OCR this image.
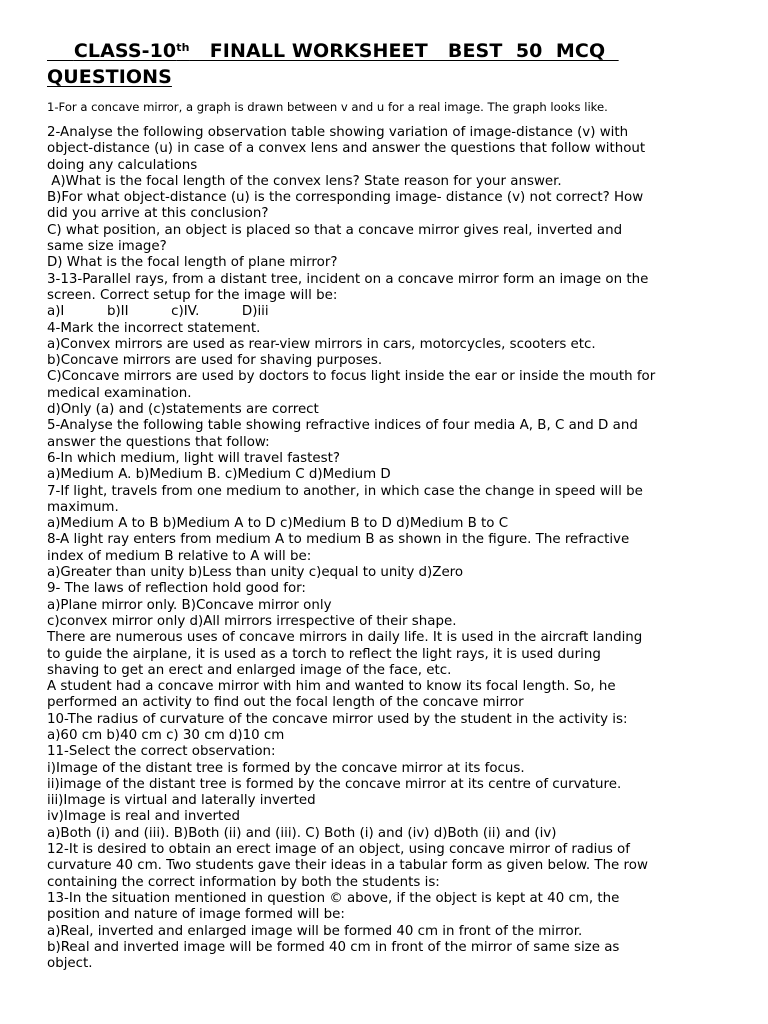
CLASS-10th   FINALL WORKSHEET   BEST  50  MCQ
QUESTIONS

1-For a concave mirror, a graph is drawn between v and u for a real image. The graph looks like.

2-Analyse the following observation table showing variation of image-distance (v) with
object-distance (u) in case of a convex lens and answer the questions that follow without
doing any calculations
A)What is the focal length of the convex lens? State reason for your answer.
B)For what object-distance (u) is the corresponding image- distance (v) not correct? How
did you arrive at this conclusion?
C) what position, an object is placed so that a concave mirror gives real, inverted and
same size image?
D) What is the focal length of plane mirror?
3-13-Parallel rays, from a distant tree, incident on a concave mirror form an image on the
screen. Correct setup for the image will be:
a)I          b)II          c)IV.          D)iii
4-Mark the incorrect statement.
a)Convex mirrors are used as rear-view mirrors in cars, motorcycles, scooters etc.
b)Concave mirrors are used for shaving purposes.
C)Concave mirrors are used by doctors to focus light inside the ear or inside the mouth for
medical examination.
d)Only (a) and (c)statements are correct
5-Analyse the following table showing refractive indices of four media A, B, C and D and
answer the questions that follow:
6-In which medium, light will travel fastest?
a)Medium A. b)Medium B. c)Medium C d)Medium D
7-If light, travels from one medium to another, in which case the change in speed will be
maximum.
a)Medium A to B b)Medium A to D c)Medium B to D d)Medium B to C
8-A light ray enters from medium A to medium B as shown in the figure. The refractive
index of medium B relative to A will be:
a)Greater than unity b)Less than unity c)equal to unity d)Zero
9- The laws of reflection hold good for:
a)Plane mirror only. B)Concave mirror only
c)convex mirror only d)All mirrors irrespective of their shape.
There are numerous uses of concave mirrors in daily life. It is used in the aircraft landing
to guide the airplane, it is used as a torch to reflect the light rays, it is used during
shaving to get an erect and enlarged image of the face, etc.
A student had a concave mirror with him and wanted to know its focal length. So, he
performed an activity to find out the focal length of the concave mirror
10-The radius of curvature of the concave mirror used by the student in the activity is:
a)60 cm b)40 cm c) 30 cm d)10 cm
11-Select the correct observation:
i)Image of the distant tree is formed by the concave mirror at its focus.
ii)image of the distant tree is formed by the concave mirror at its centre of curvature.
iii)Image is virtual and laterally inverted
iv)Image is real and inverted
a)Both (i) and (iii). B)Both (ii) and (iii). C) Both (i) and (iv) d)Both (ii) and (iv)
12-It is desired to obtain an erect image of an object, using concave mirror of radius of
curvature 40 cm. Two students gave their ideas in a tabular form as given below. The row
containing the correct information by both the students is:
13-In the situation mentioned in question © above, if the object is kept at 40 cm, the
position and nature of image formed will be:
a)Real, inverted and enlarged image will be formed 40 cm in front of the mirror.
b)Real and inverted image will be formed 40 cm in front of the mirror of same size as
object.
